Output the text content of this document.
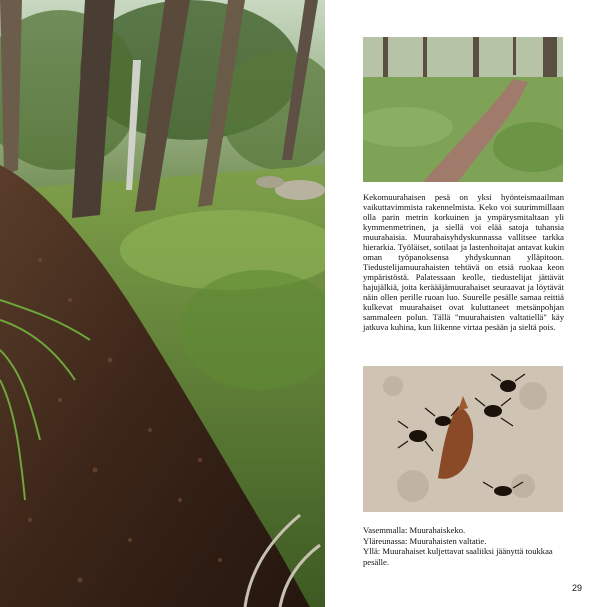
Kekomuurahaisen pesä on yksi hyönteismaailman vaikuttavimmista rakennelmista. Keko voi suurimmillaan olla parin metrin korkuinen ja ympärysmitaltaan yli kymmenmetrinen, ja siellä voi elää satoja tuhansia muurahaisia. Muurahaisyhdyskunnassa vallitsee tarkka hierarkia. Työläiset, sotilaat ja lastenhoitajat antavat kukin oman työpanoksensa yhdyskunnan ylläpitoon. Tiedustelijamuurahaisten tehtävä on etsiä ruokaa keon ympäristöstä. Palatessaan keolle, tiedustelijat jättävät hajujälkiä, joita keräääjämuurahaiset seuraavat ja löytävät näin ollen perille ruoan luo. Suurelle pesälle samaa reittiä kulkevat muurahaiset ovat kuluttaneet metsänpohjan sammaleen polun. Tällä "muurahaisten valtatiellä" käy jatkuva kuhina, kun liikenne virtaa pesään ja sieltä pois.
Vasemmalla: Muurahaiskeko.
Yläreunassa: Muurahaisten valtatie.
Yllä: Muurahaiset kuljettavat saaliiksi jäänyttä toukkaa pesälle.
29
